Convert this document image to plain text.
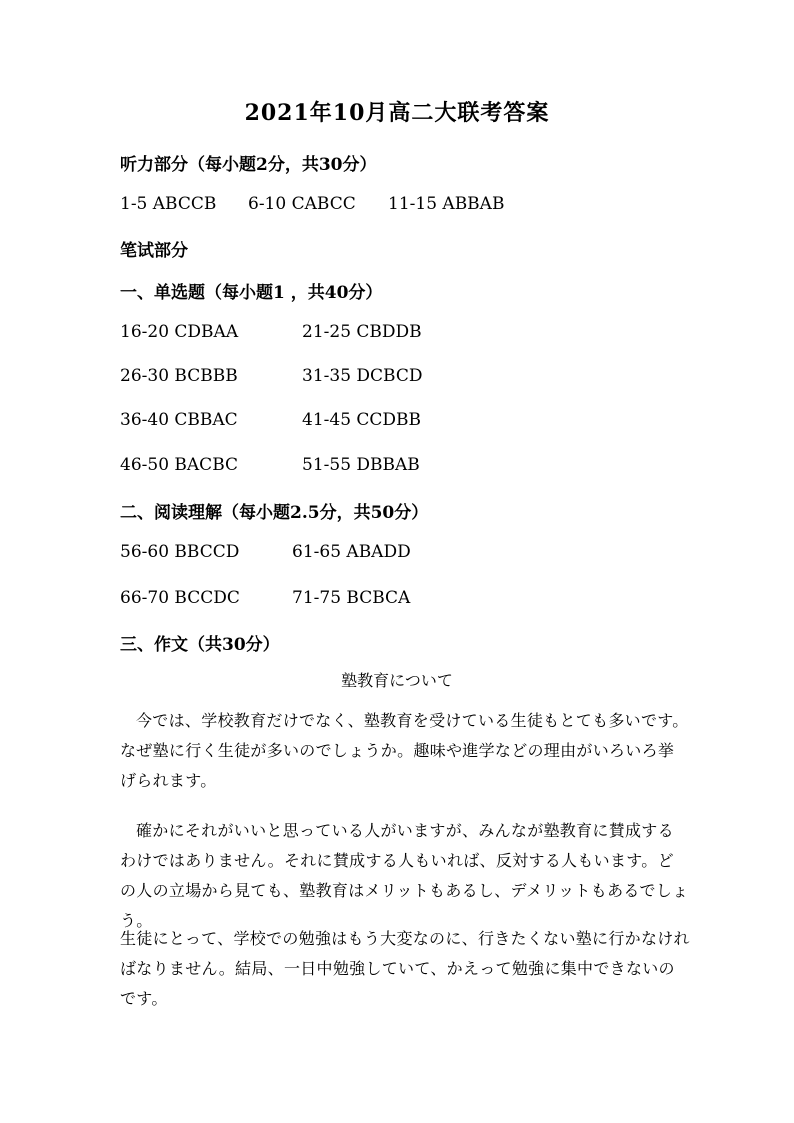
2021年10月高二大联考答案
听力部分（每小题2分，共30分）
1-5 ABCCB 6-10 CABCC 11-15 ABBAB
笔试部分
一、单选题（每小题1 ，共40分）
16-20 CDBAA	21-25 CBDDB
26-30 BCBBB	31-35 DCBCD
36-40 CBBAC	41-45 CCDBB
46-50 BACBC	51-55 DBBAB
二、阅读理解（每小题2.5分，共50分）
56-60 BBCCD	61-65 ABADD
66-70 BCCDC	71-75 BCBCA
三、作文（共30分）
塾教育について
今では、学校教育だけでなく、塾教育を受けている生徒もとても多いです。なぜ塾に行く生徒が多いのでしょうか。趣味や進学などの理由がいろいろ挙げられます。
確かにそれがいいと思っている人がいますが、みんなが塾教育に賛成するわけではありません。それに賛成する人もいれば、反対する人もいます。どの人の立場から見ても、塾教育はメリットもあるし、デメリットもあるでしょう。
生徒にとって、学校での勉強はもう大変なのに、行きたくない塾に行かなければなりません。結局、一日中勉強していて、かえって勉強に集中できないのです。
